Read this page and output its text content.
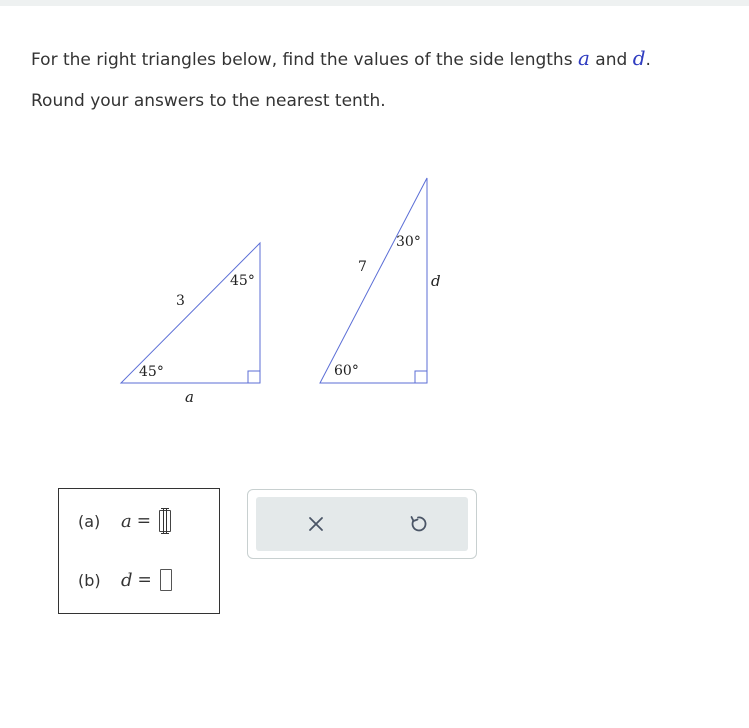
For the right triangles below, find the values of the side lengths a and d.
Round your answers to the nearest tenth.
3
45°
45°
a
7
30°
60°
d
(a)	a =
(b)	d =
